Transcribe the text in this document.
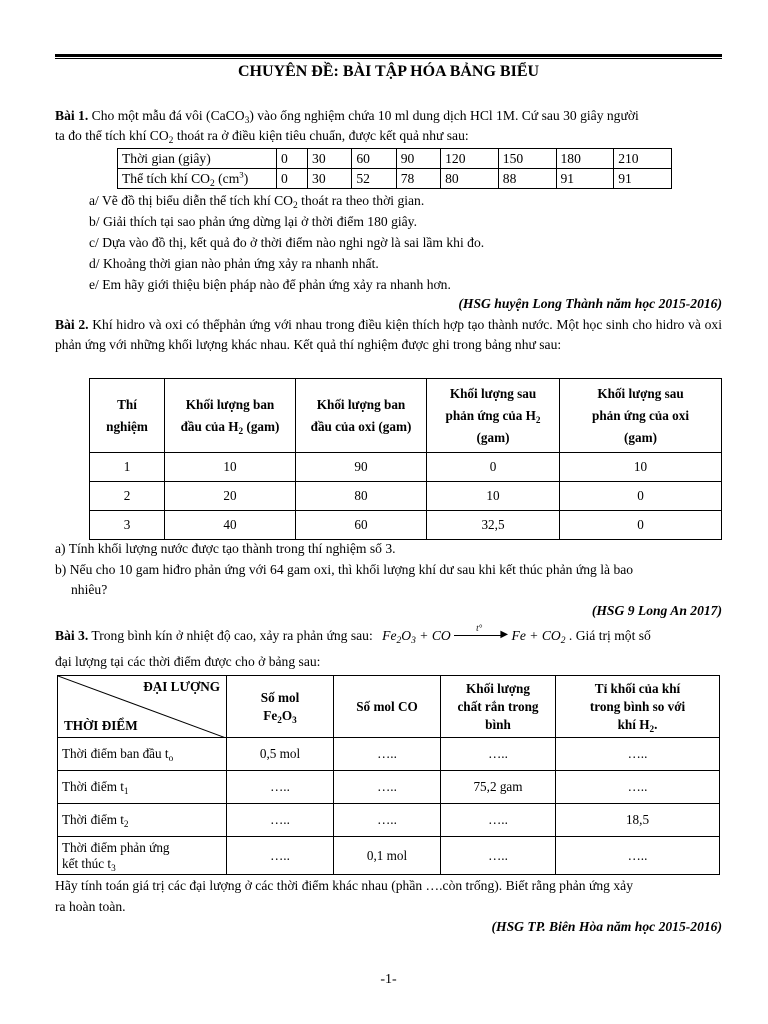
CHUYÊN ĐỀ: BÀI TẬP HÓA BẢNG BIỂU
Bài 1. Cho một mẫu đá vôi (CaCO$_3$) vào ống nghiệm chứa 10 ml dung dịch HCl 1M. Cứ sau 30 giây người
ta đo thể tích khí $CO_2$ thoát ra ở điều kiện tiêu chuẩn, được kết quả như sau:
Thời gian (giây)	0	30	60	90	120	150	180	210
Thể tích khí $CO_2$ $(cm^3)$	0	30	52	78	80	88	91	91
a/ Vẽ đồ thị biểu diễn thể tích khí $CO_2$ thoát ra theo thời gian.
b/ Giải thích tại sao phản ứng dừng lại ở thời điểm 180 giây.
c/ Dựa vào đồ thị, kết quả đo ở thời điểm nào nghi ngờ là sai lầm khi đo.
d/ Khoảng thời gian nào phản ứng xảy ra nhanh nhất.
e/ Em hãy giới thiệu biện pháp nào để phản ứng xảy ra nhanh hơn.
(HSG huyện Long Thành năm học 2015-2016)
Bài 2. Khí hidro và oxi có thểphản ứng với nhau trong điều kiện thích hợp tạo thành nước. Một học sinh cho hidro và oxi phản ứng với những khối lượng khác nhau. Kết quả thí nghiệm được ghi trong bảng như sau:
Thí
nghiệm	Khối lượng ban
đầu của $H_2$ (gam)	Khối lượng ban
đầu của oxi (gam)	Khối lượng sau
phản ứng của $H_2$
(gam)	Khối lượng sau
phản ứng của oxi
(gam)
1	10	90	0	10
2	20	80	10	0
3	40	60	32,5	0
a) Tính khối lượng nước được tạo thành trong thí nghiệm số 3.
b) Nếu cho 10 gam hiđro phản ứng với 64 gam oxi, thì khối lượng khí dư sau khi kết thúc phản ứng là bao
nhiêu?
(HSG 9 Long An 2017)
Bài 3. Trong bình kín ở nhiệt độ cao, xảy ra phản ứng sau: $Fe_2O_3$ + CO	▶
t° $Fe + CO_2$ . Giá trị một số
đại lượng tại các thời điểm được cho ở bảng sau:
ĐẠI LƯỢNG
THỜI ĐIỂM	Số mol
$Fe_2O_3$	Số mol CO	Khối lượng
chất rắn trong
bình	Tỉ khối của khí
trong bình so với
khí $H_2$.
Thời điểm ban đầu $t_o$	0,5 mol	…..	…..	…..
Thời điểm $t_1$	…..	…..	75,2 gam	…..
Thời điểm $t_2$	…..	…..	…..	18,5
Thời điểm phản ứng
kết thúc $t_3$	…..	0,1 mol	…..	…..
Hãy tính toán giá trị các đại lượng ở các thời điểm khác nhau (phần ….còn trống). Biết rằng phản ứng xảy
ra hoàn toàn.
(HSG TP. Biên Hòa năm học 2015-2016)
-1-
